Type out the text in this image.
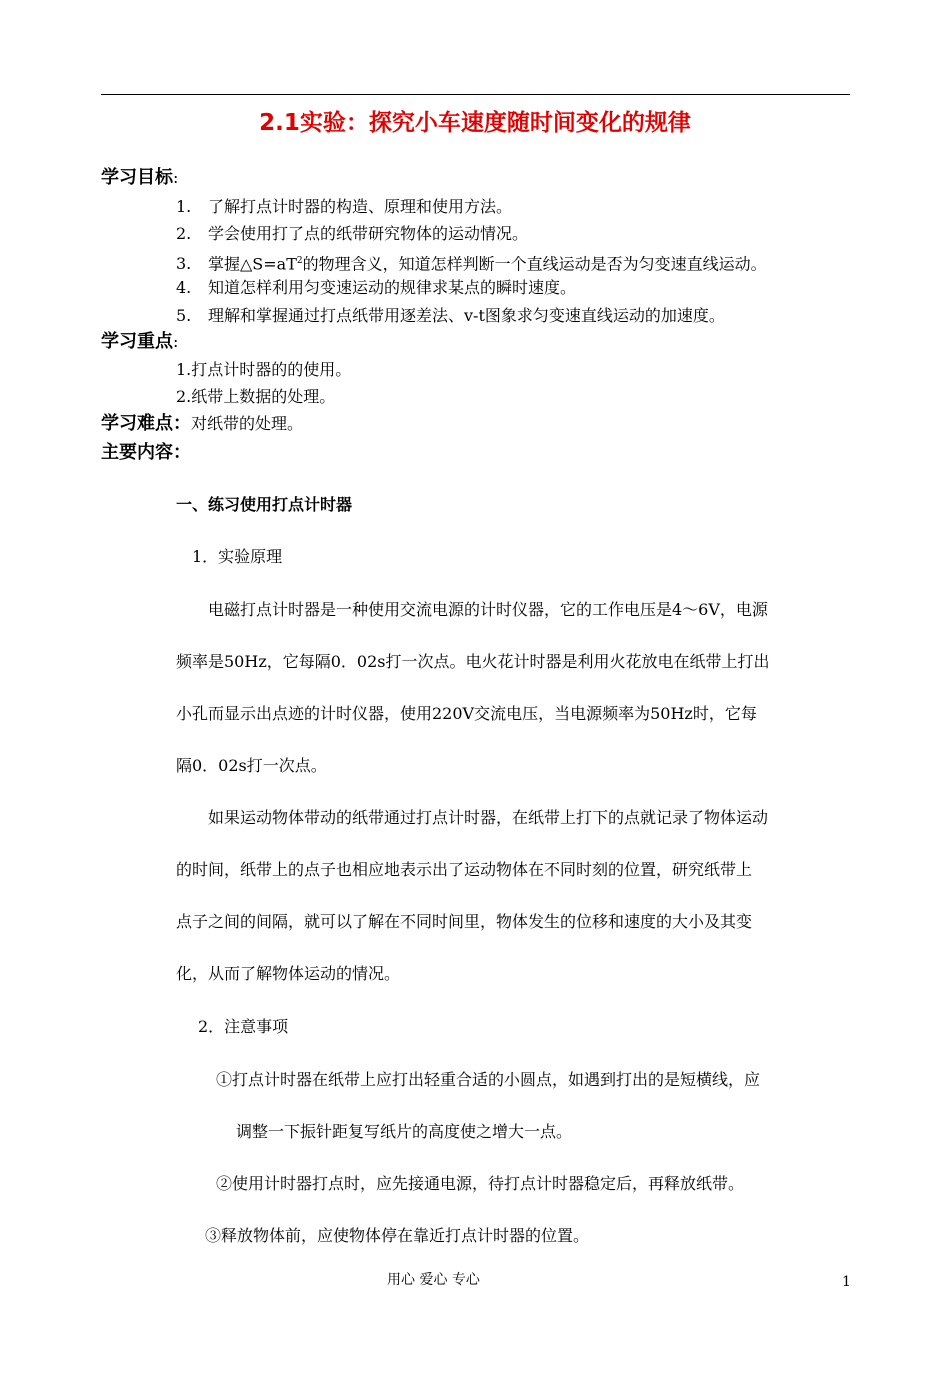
2.1实验：探究小车速度随时间变化的规律
学习目标:
1. 了解打点计时器的构造、原理和使用方法。
2. 学会使用打了点的纸带研究物体的运动情况。
3. 掌握$\triangle S=aT^2$的物理含义，知道怎样判断一个直线运动是否为匀变速直线运动。
4. 知道怎样利用匀变速运动的规律求某点的瞬时速度。
5. 理解和掌握通过打点纸带用逐差法、v-t图象求匀变速直线运动的加速度。
学习重点:
1.打点计时器的的使用。
2.纸带上数据的处理。
学习难点：对纸带的处理。
主要内容：
一、练习使用打点计时器
1．实验原理
电磁打点计时器是一种使用交流电源的计时仪器，它的工作电压是4～6V，电源
频率是50Hz，它每隔0．02s打一次点。电火花计时器是利用火花放电在纸带上打出
小孔而显示出点迹的计时仪器，使用220V交流电压，当电源频率为50Hz时，它每
隔0．02s打一次点。
如果运动物体带动的纸带通过打点计时器，在纸带上打下的点就记录了物体运动
的时间，纸带上的点子也相应地表示出了运动物体在不同时刻的位置，研究纸带上
点子之间的间隔，就可以了解在不同时间里，物体发生的位移和速度的大小及其变
化，从而了解物体运动的情况。
2．注意事项
①打点计时器在纸带上应打出轻重合适的小圆点，如遇到打出的是短横线，应
调整一下振针距复写纸片的高度使之增大一点。
②使用计时器打点时，应先接通电源，待打点计时器稳定后，再释放纸带。
③释放物体前，应使物体停在靠近打点计时器的位置。
用心 爱心 专心	1
